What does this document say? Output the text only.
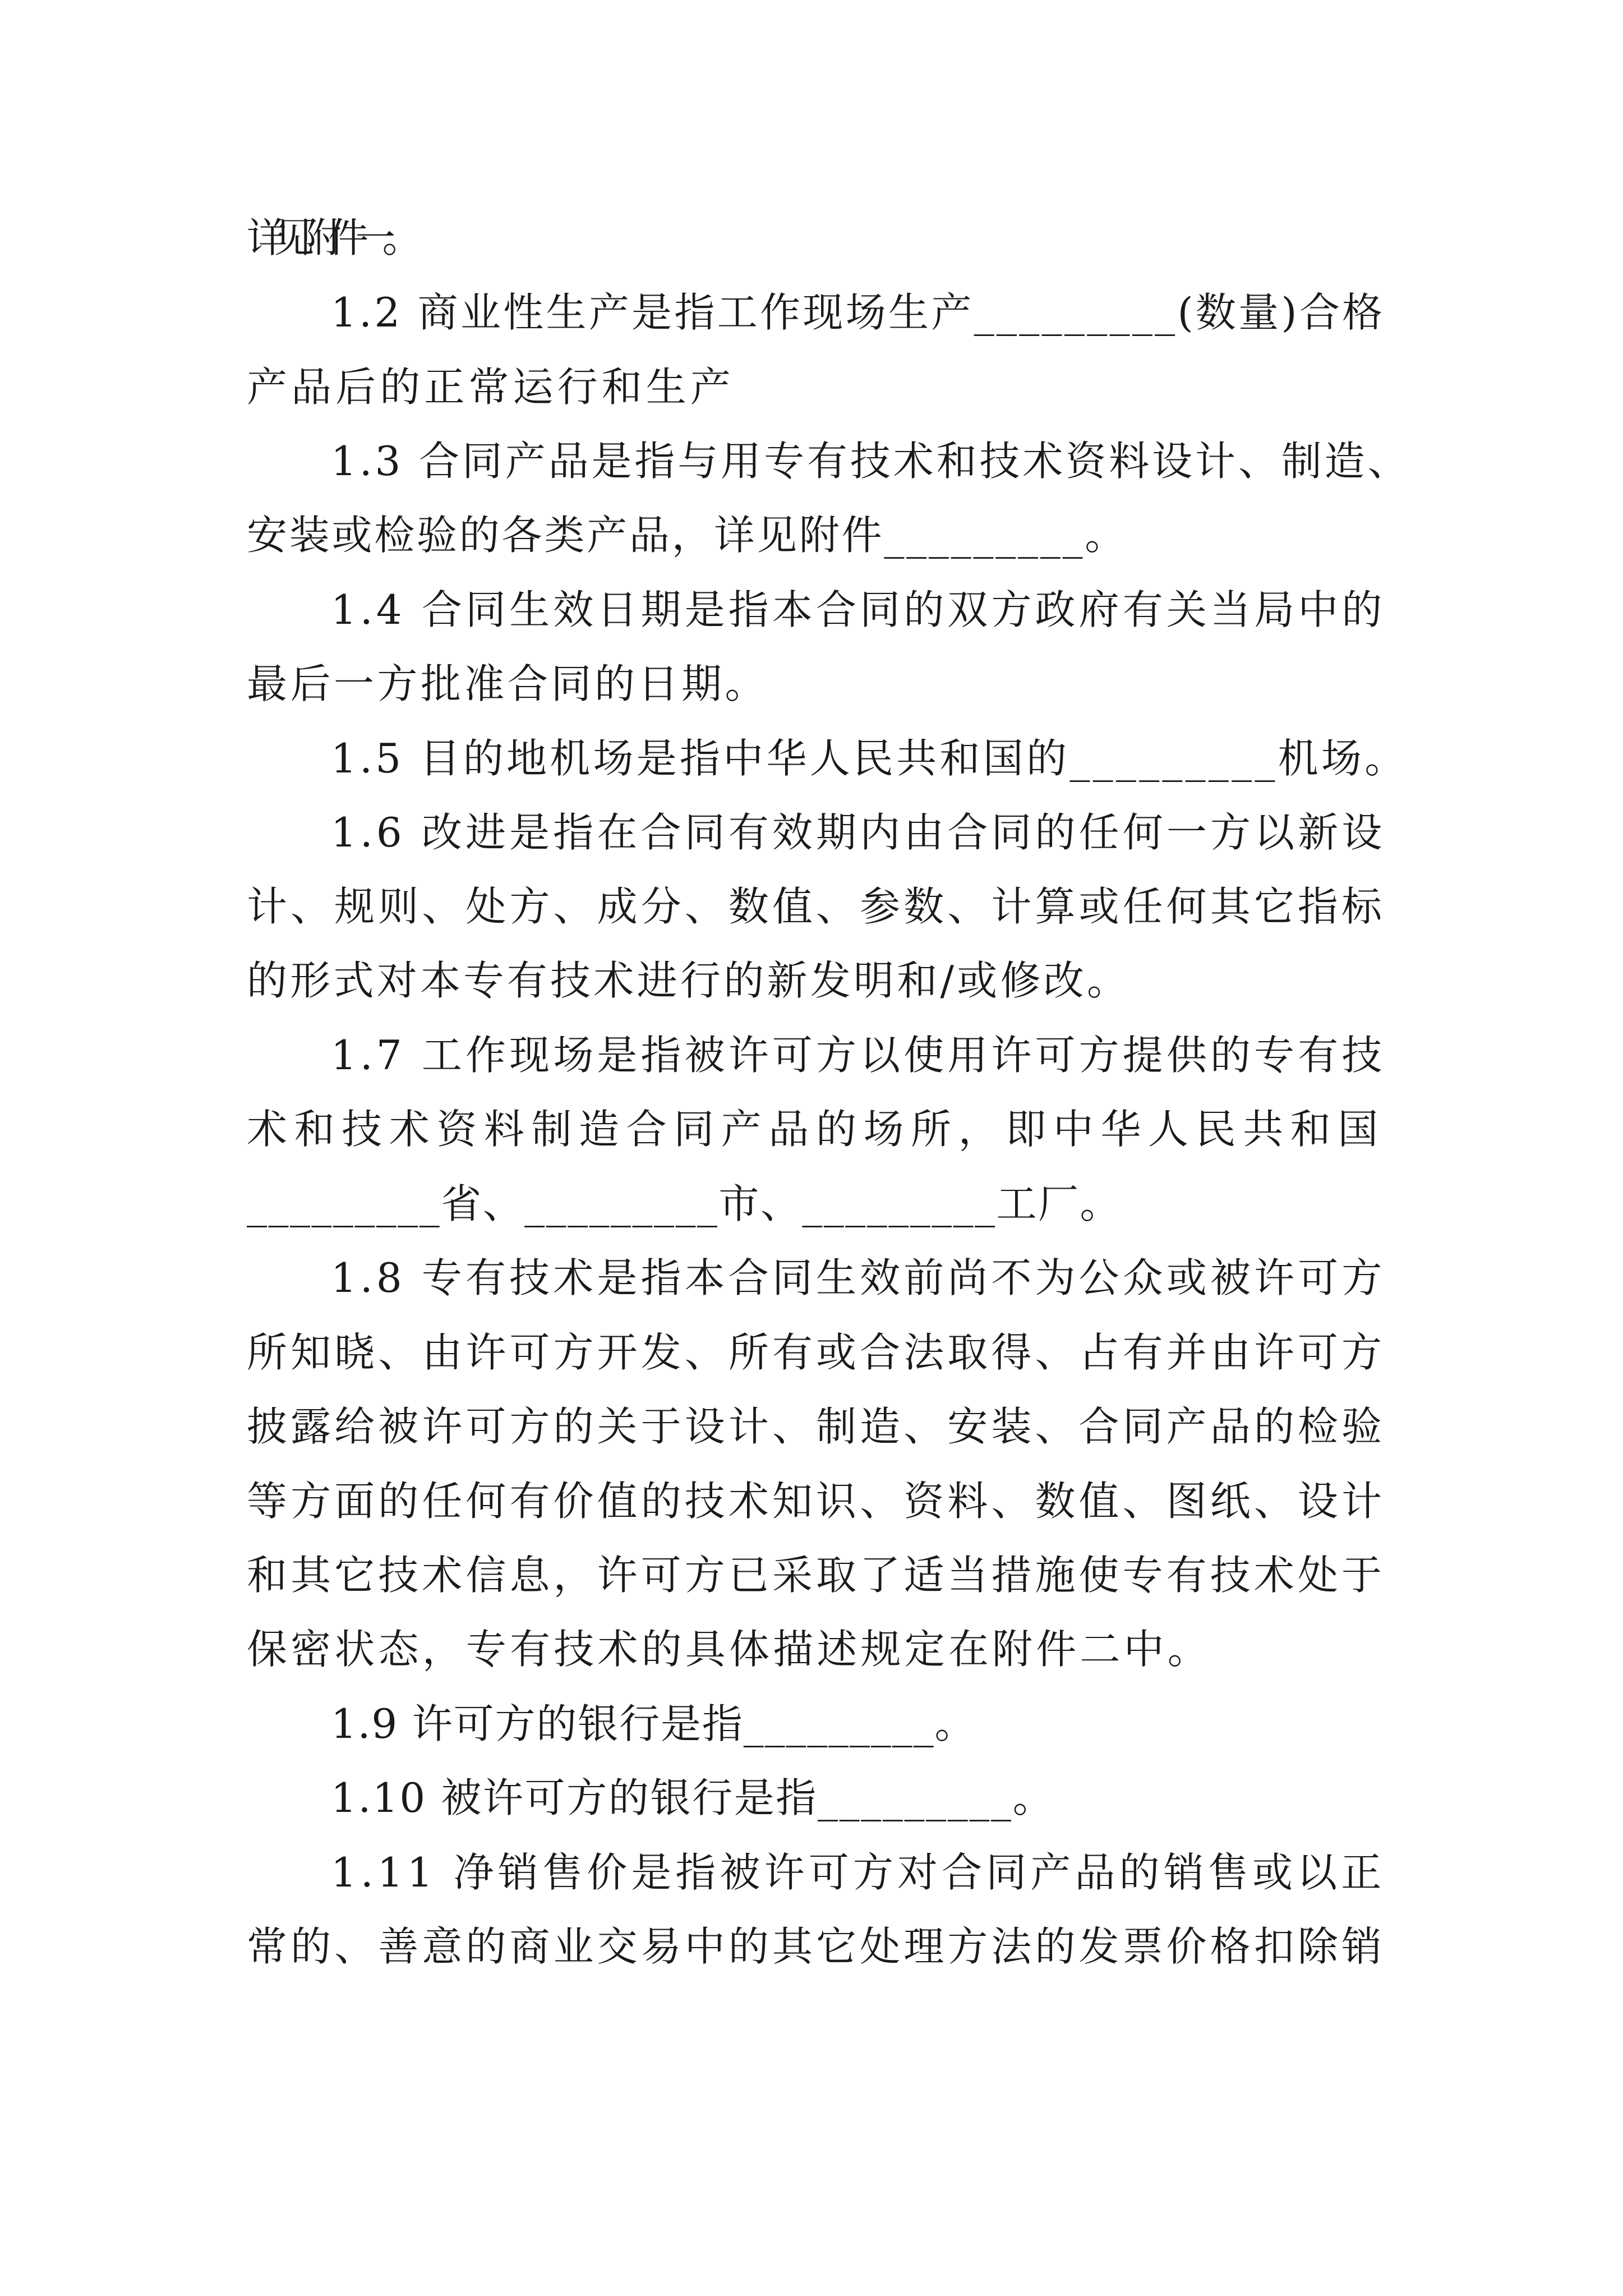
详见附件一。

1.2 商业性生产是指工作现场生产_________(数量)合格

产品后的正常运行和生产

1.3 合同产品是指与用专有技术和技术资料设计、制造、

安装或检验的各类产品，详见附件_________。

1.4 合同生效日期是指本合同的双方政府有关当局中的

最后一方批准合同的日期。

1.5 目的地机场是指中华人民共和国的_________机场。

1.6 改进是指在合同有效期内由合同的任何一方以新设

计、规则、处方、成分、数值、参数、计算或任何其它指标

的形式对本专有技术进行的新发明和/或修改。

1.7 工作现场是指被许可方以使用许可方提供的专有技

术和技术资料制造合同产品的场所，即中华人民共和国

_________省、_________市、_________工厂。

1.8 专有技术是指本合同生效前尚不为公众或被许可方

所知晓、由许可方开发、所有或合法取得、占有并由许可方

披露给被许可方的关于设计、制造、安装、合同产品的检验

等方面的任何有价值的技术知识、资料、数值、图纸、设计

和其它技术信息，许可方已采取了适当措施使专有技术处于

保密状态，专有技术的具体描述规定在附件二中。

1.9 许可方的银行是指_________。

1.10 被许可方的银行是指_________。

1.11 净销售价是指被许可方对合同产品的销售或以正

常的、善意的商业交易中的其它处理方法的发票价格扣除销
